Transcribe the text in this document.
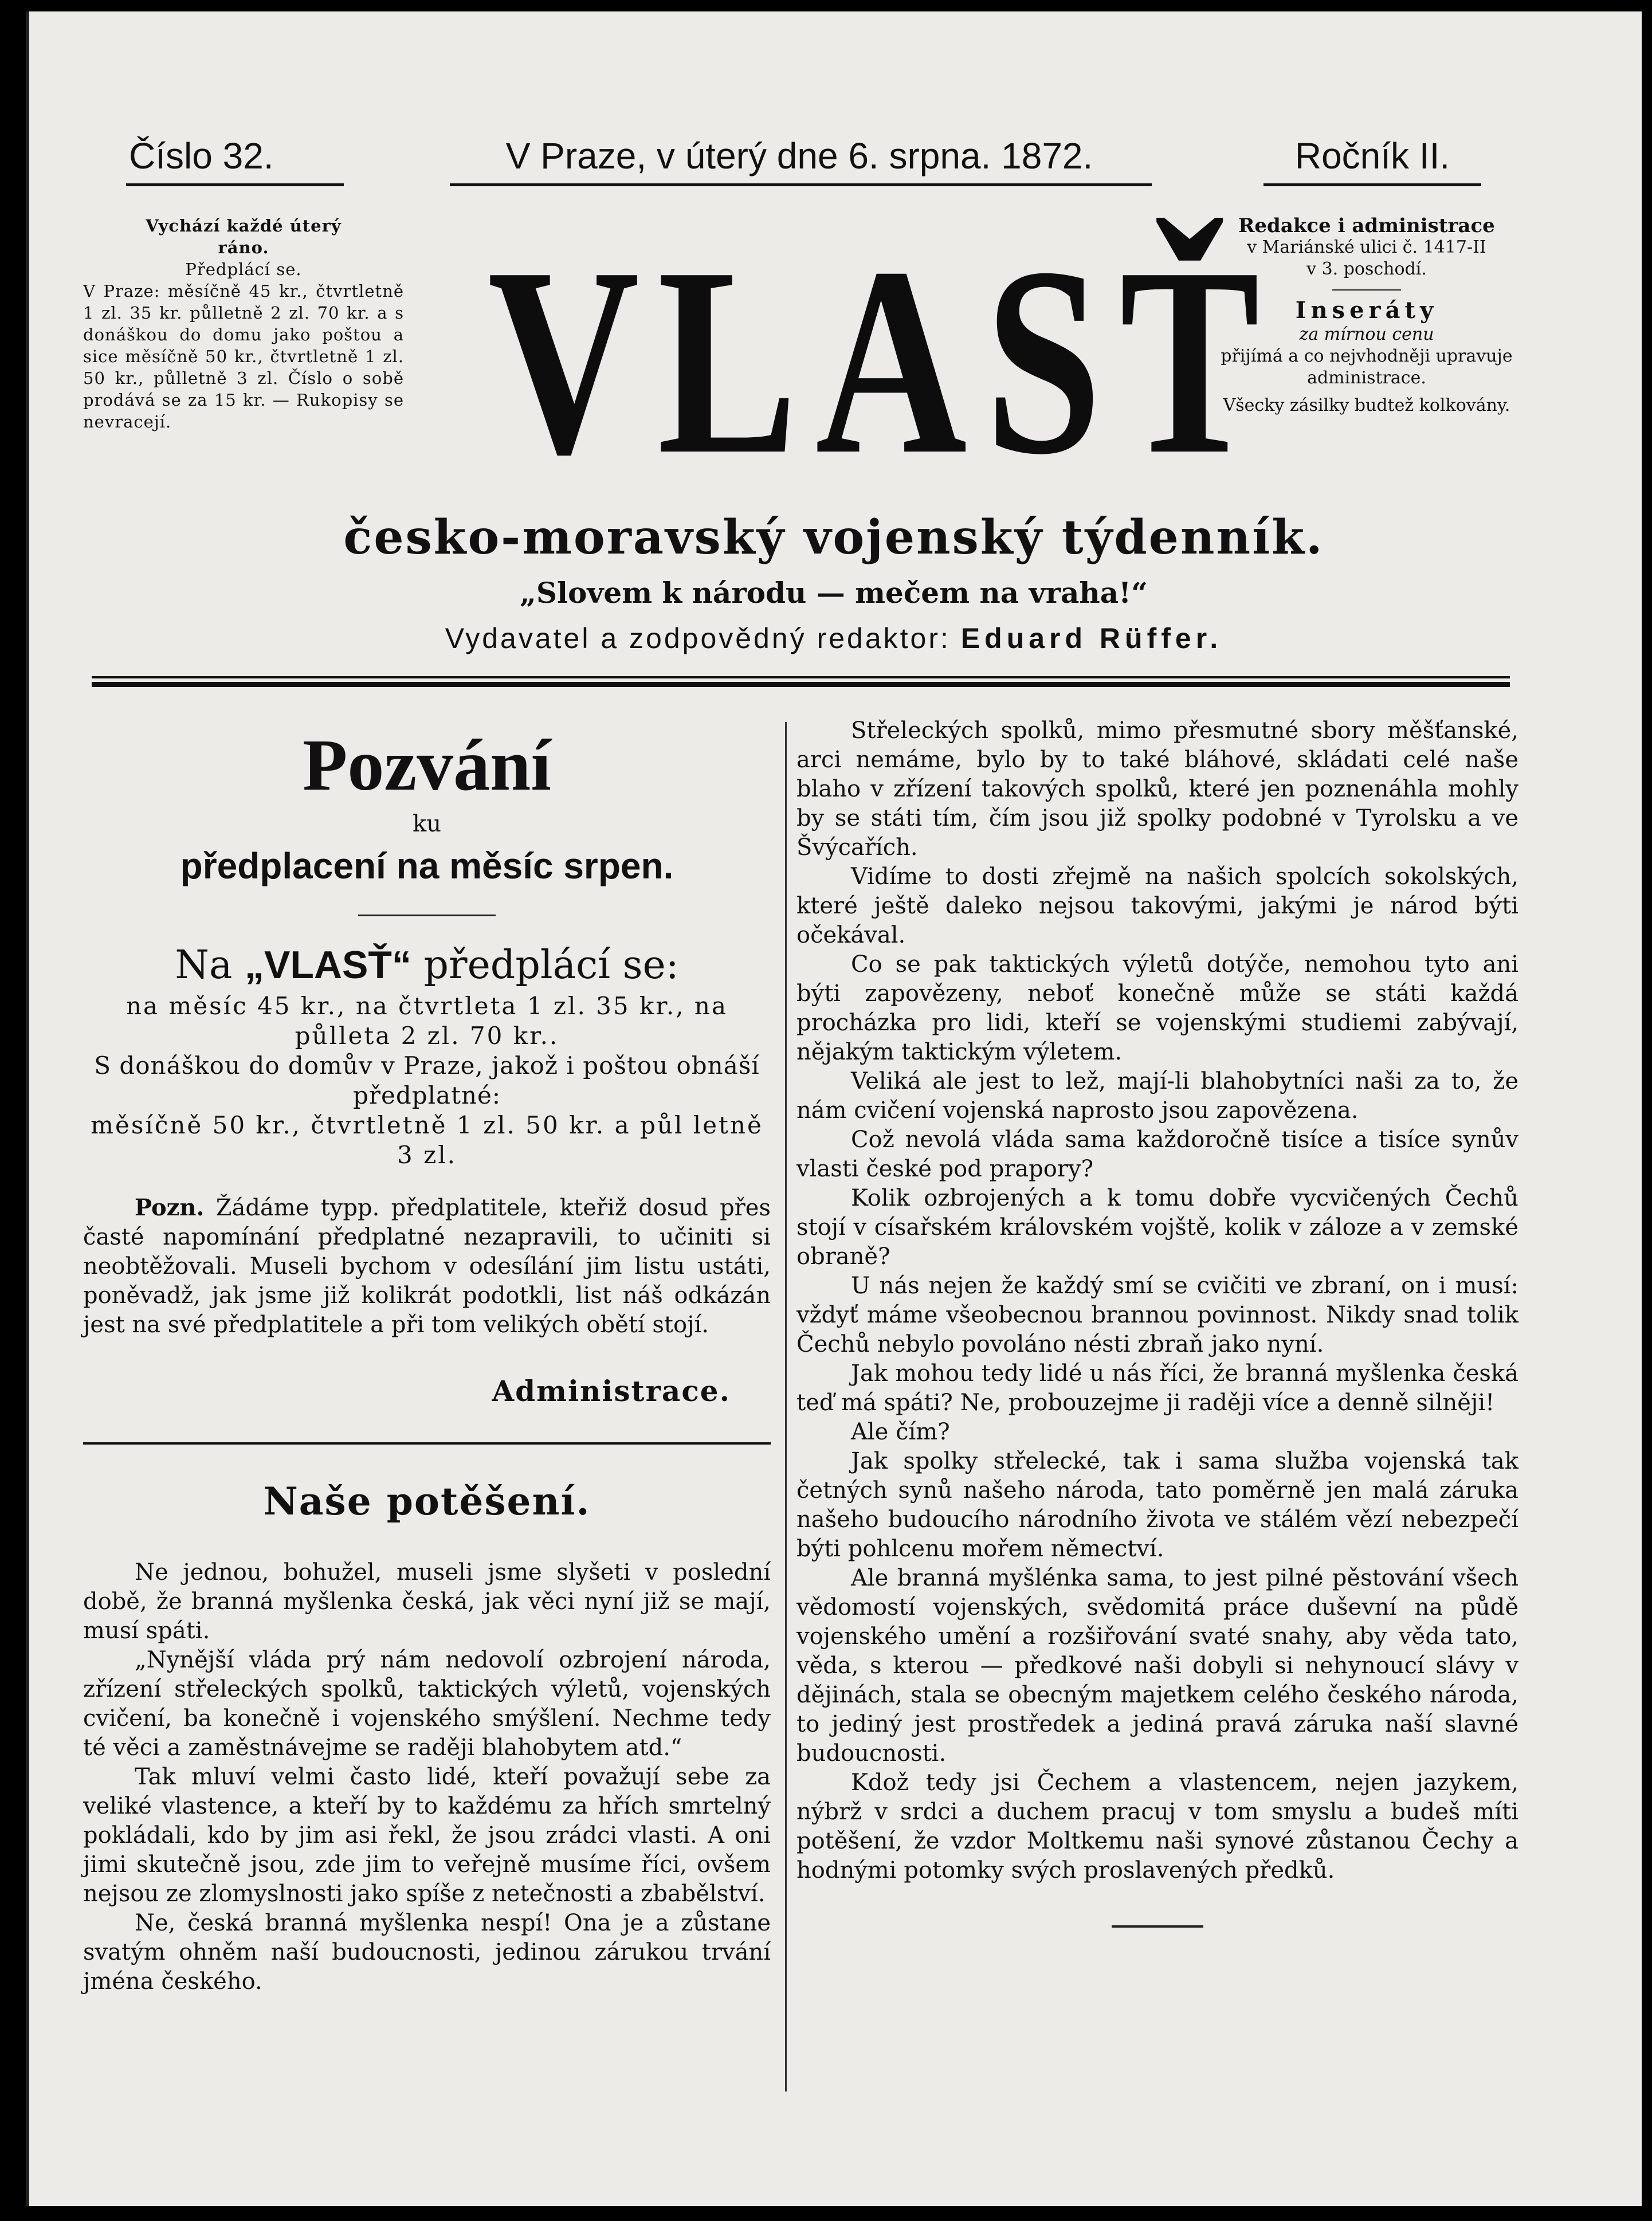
Číslo 32.	V Praze, v úterý dne 6. srpna. 1872.	Ročník II.
Vychází každé úterý
ráno.
Předplácí se.
V Praze: měsíčně 45 kr., čtvrtletně 1 zl. 35 kr. půlletně 2 zl. 70 kr. a s donáškou do domu jako poštou a sice měsíčně 50 kr., čtvrtletně 1 zl. 50 kr., půlletně 3 zl. Číslo o sobě prodává se za 15 kr. — Rukopisy se nevracejí.	VLASŤ
Redakce i administrace
v Mariánské ulici č. 1417-II
v 3. poschodí.
Inseráty
za mírnou cenu
přijímá a co nejvhodněji upravuje administrace.
Všecky zásilky budtež kolkovány.
česko-moravský vojenský týdenník.
„Slovem k národu — mečem na vraha!“
Vydavatel a zodpovědný redaktor: Eduard Rüffer.
Pozvání
ku
předplacení na měsíc srpen.
Na „VLASŤ“ předplácí se:
na měsíc 45 kr., na čtvrtleta 1 zl. 35 kr., na půlleta 2 zl. 70 kr..
S donáškou do domův v Praze, jakož i poštou obnáší předplatné:
měsíčně 50 kr., čtvrtletně 1 zl. 50 kr. a půl letně 3 zl.

Pozn. Žádáme typp. předplatitele, kteřiž dosud přes časté napomínání předplatné nezapravili, to učiniti si neobtěžovali. Museli bychom v odesílání jim listu ustáti, poněvadž, jak jsme již kolikrát podotkli, list náš odkázán jest na své předplatitele a při tom velikých obětí stojí.

Administrace.
Naše potěšení.

Ne jednou, bohužel, museli jsme slyšeti v poslední době, že branná myšlenka česká, jak věci nyní již se mají, musí spáti.

„Nynější vláda prý nám nedovolí ozbrojení národa, zřízení střeleckých spolků, taktických výletů, vojenských cvičení, ba konečně i vojenského smýšlení. Nechme tedy té věci a zaměstnávejme se raději blahobytem atd.“

Tak mluví velmi často lidé, kteří považují sebe za veliké vlastence, a kteří by to každému za hřích smrtelný pokládali, kdo by jim asi řekl, že jsou zrádci vlasti. A oni jimi skutečně jsou, zde jim to veřejně musíme říci, ovšem nejsou ze zlomyslnosti jako spíše z netečnosti a zbabělství.

Ne, česká branná myšlenka nespí! Ona je a zůstane svatým ohněm naší budoucnosti, jedinou zárukou trvání jména českého.

Střeleckých spolků, mimo přesmutné sbory měšťanské, arci nemáme, bylo by to také bláhové, skládati celé naše blaho v zřízení takových spolků, které jen poznenáhla mohly by se státi tím, čím jsou již spolky podobné v Tyrolsku a ve Švýcařích.

Vidíme to dosti zřejmě na našich spolcích sokolských, které ještě daleko nejsou takovými, jakými je národ býti očekával.

Co se pak taktických výletů dotýče, nemohou tyto ani býti zapovězeny, neboť konečně může se státi každá procházka pro lidi, kteří se vojenskými studiemi zabývají, nějakým taktickým výletem.

Veliká ale jest to lež, mají-li blahobytníci naši za to, že nám cvičení vojenská naprosto jsou zapovězena.

Což nevolá vláda sama každoročně tisíce a tisíce synův vlasti české pod prapory?

Kolik ozbrojených a k tomu dobře vycvičených Čechů stojí v císařském královském vojště, kolik v záloze a v zemské obraně?

U nás nejen že každý smí se cvičiti ve zbraní, on i musí: vždyť máme všeobecnou brannou povinnost. Nikdy snad tolik Čechů nebylo povoláno nésti zbraň jako nyní.

Jak mohou tedy lidé u nás říci, že branná myšlenka česká teď má spáti? Ne, probouzejme ji raději více a denně silněji!

Ale čím?

Jak spolky střelecké, tak i sama služba vojenská tak četných synů našeho národa, tato poměrně jen malá záruka našeho budoucího národního života ve stálém vězí nebezpečí býti pohlcenu mořem němectví.

Ale branná myšlénka sama, to jest pilné pěstování všech vědomostí vojenských, svědomitá práce duševní na půdě vojenského umění a rozšiřování svaté snahy, aby věda tato, věda, s kterou — předkové naši dobyli si nehynoucí slávy v dějinách, stala se obecným majetkem celého českého národa, to jediný jest prostředek a jediná pravá záruka naší slavné budoucnosti.

Kdož tedy jsi Čechem a vlastencem, nejen jazykem, nýbrž v srdci a duchem pracuj v tom smyslu a budeš míti potěšení, že vzdor Moltkemu naši synové zůstanou Čechy a hodnými potomky svých proslavených předků.
